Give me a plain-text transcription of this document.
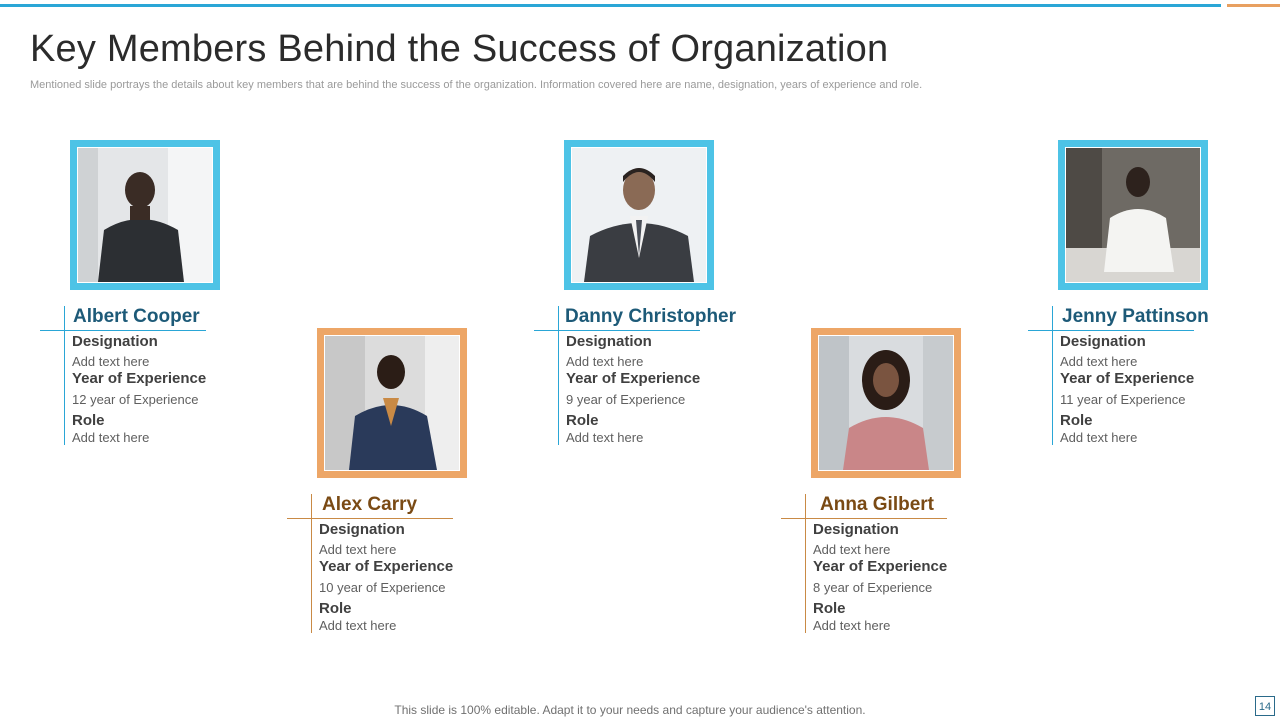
Key Members Behind the Success of Organization

Mentioned slide portrays the details about key members that are behind the success of the organization. Information covered here are name, designation, years of experience and role.

Albert Cooper
Designation
Add text here
Year of Experience
12 year of Experience
Role
Add text here
Alex Carry
Designation
Add text here
Year of Experience
10 year of Experience
Role
Add text here
Danny Christopher
Designation
Add text here
Year of Experience
9 year of Experience
Role
Add text here
Anna Gilbert
Designation
Add text here
Year of Experience
8 year of Experience
Role
Add text here
Jenny Pattinson
Designation
Add text here
Year of Experience
11 year of Experience
Role
Add text here
This slide is 100% editable. Adapt it to your needs and capture your audience's attention.	14
